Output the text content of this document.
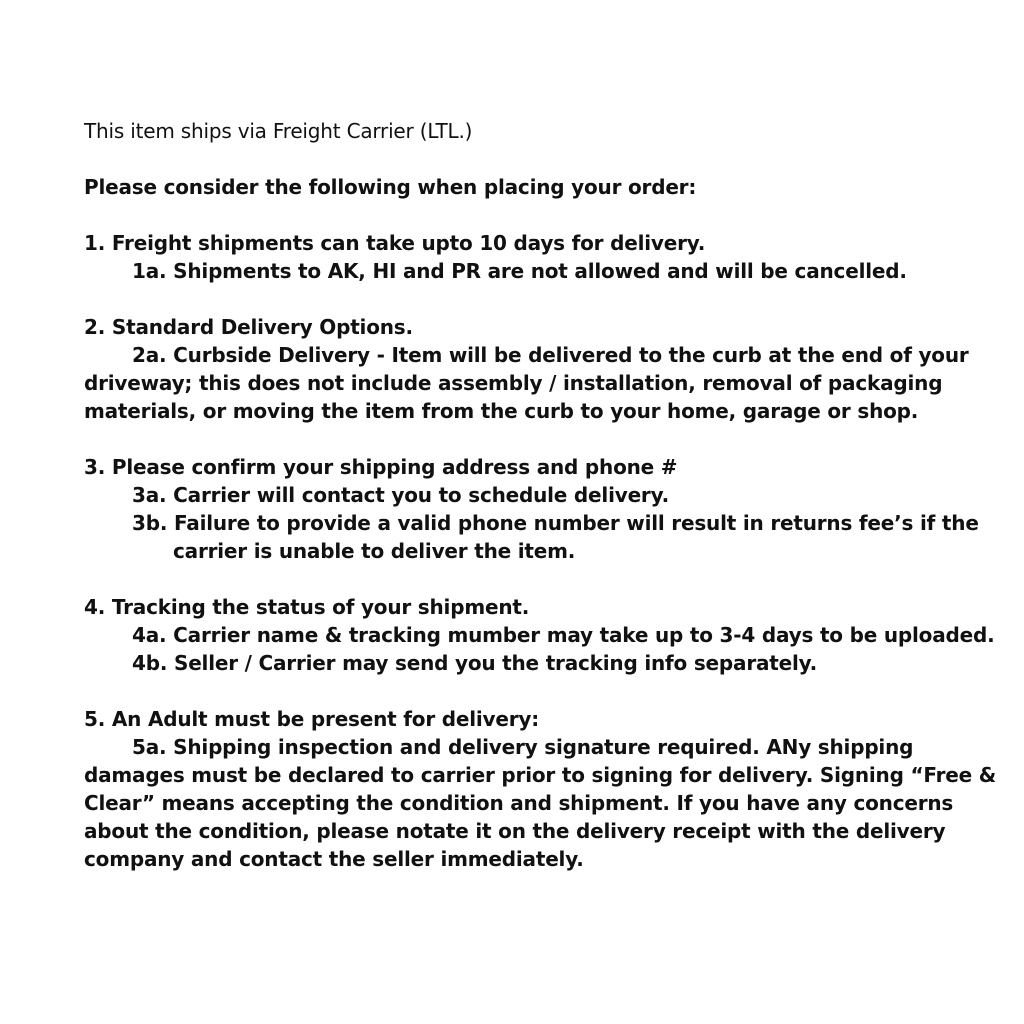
This item ships via Freight Carrier (LTL.)

Please consider the following when placing your order:

1. Freight shipments can take upto 10 days for delivery.

1a. Shipments to AK, HI and PR are not allowed and will be cancelled.

2. Standard Delivery Options.

2a. Curbside Delivery - Item will be delivered to the curb at the end of your

driveway; this does not include assembly / installation, removal of packaging

materials, or moving the item from the curb to your home, garage or shop.

3. Please confirm your shipping address and phone #

3a. Carrier will contact you to schedule delivery.

3b. Failure to provide a valid phone number will result in returns fee’s if the

carrier is unable to deliver the item.

4. Tracking the status of your shipment.

4a. Carrier name & tracking mumber may take up to 3-4 days to be uploaded.

4b. Seller / Carrier may send you the tracking info separately.

5. An Adult must be present for delivery:

5a. Shipping inspection and delivery signature required. ANy shipping

damages must be declared to carrier prior to signing for delivery. Signing “Free &

Clear” means accepting the condition and shipment. If you have any concerns

about the condition, please notate it on the delivery receipt with the delivery

company and contact the seller immediately.
